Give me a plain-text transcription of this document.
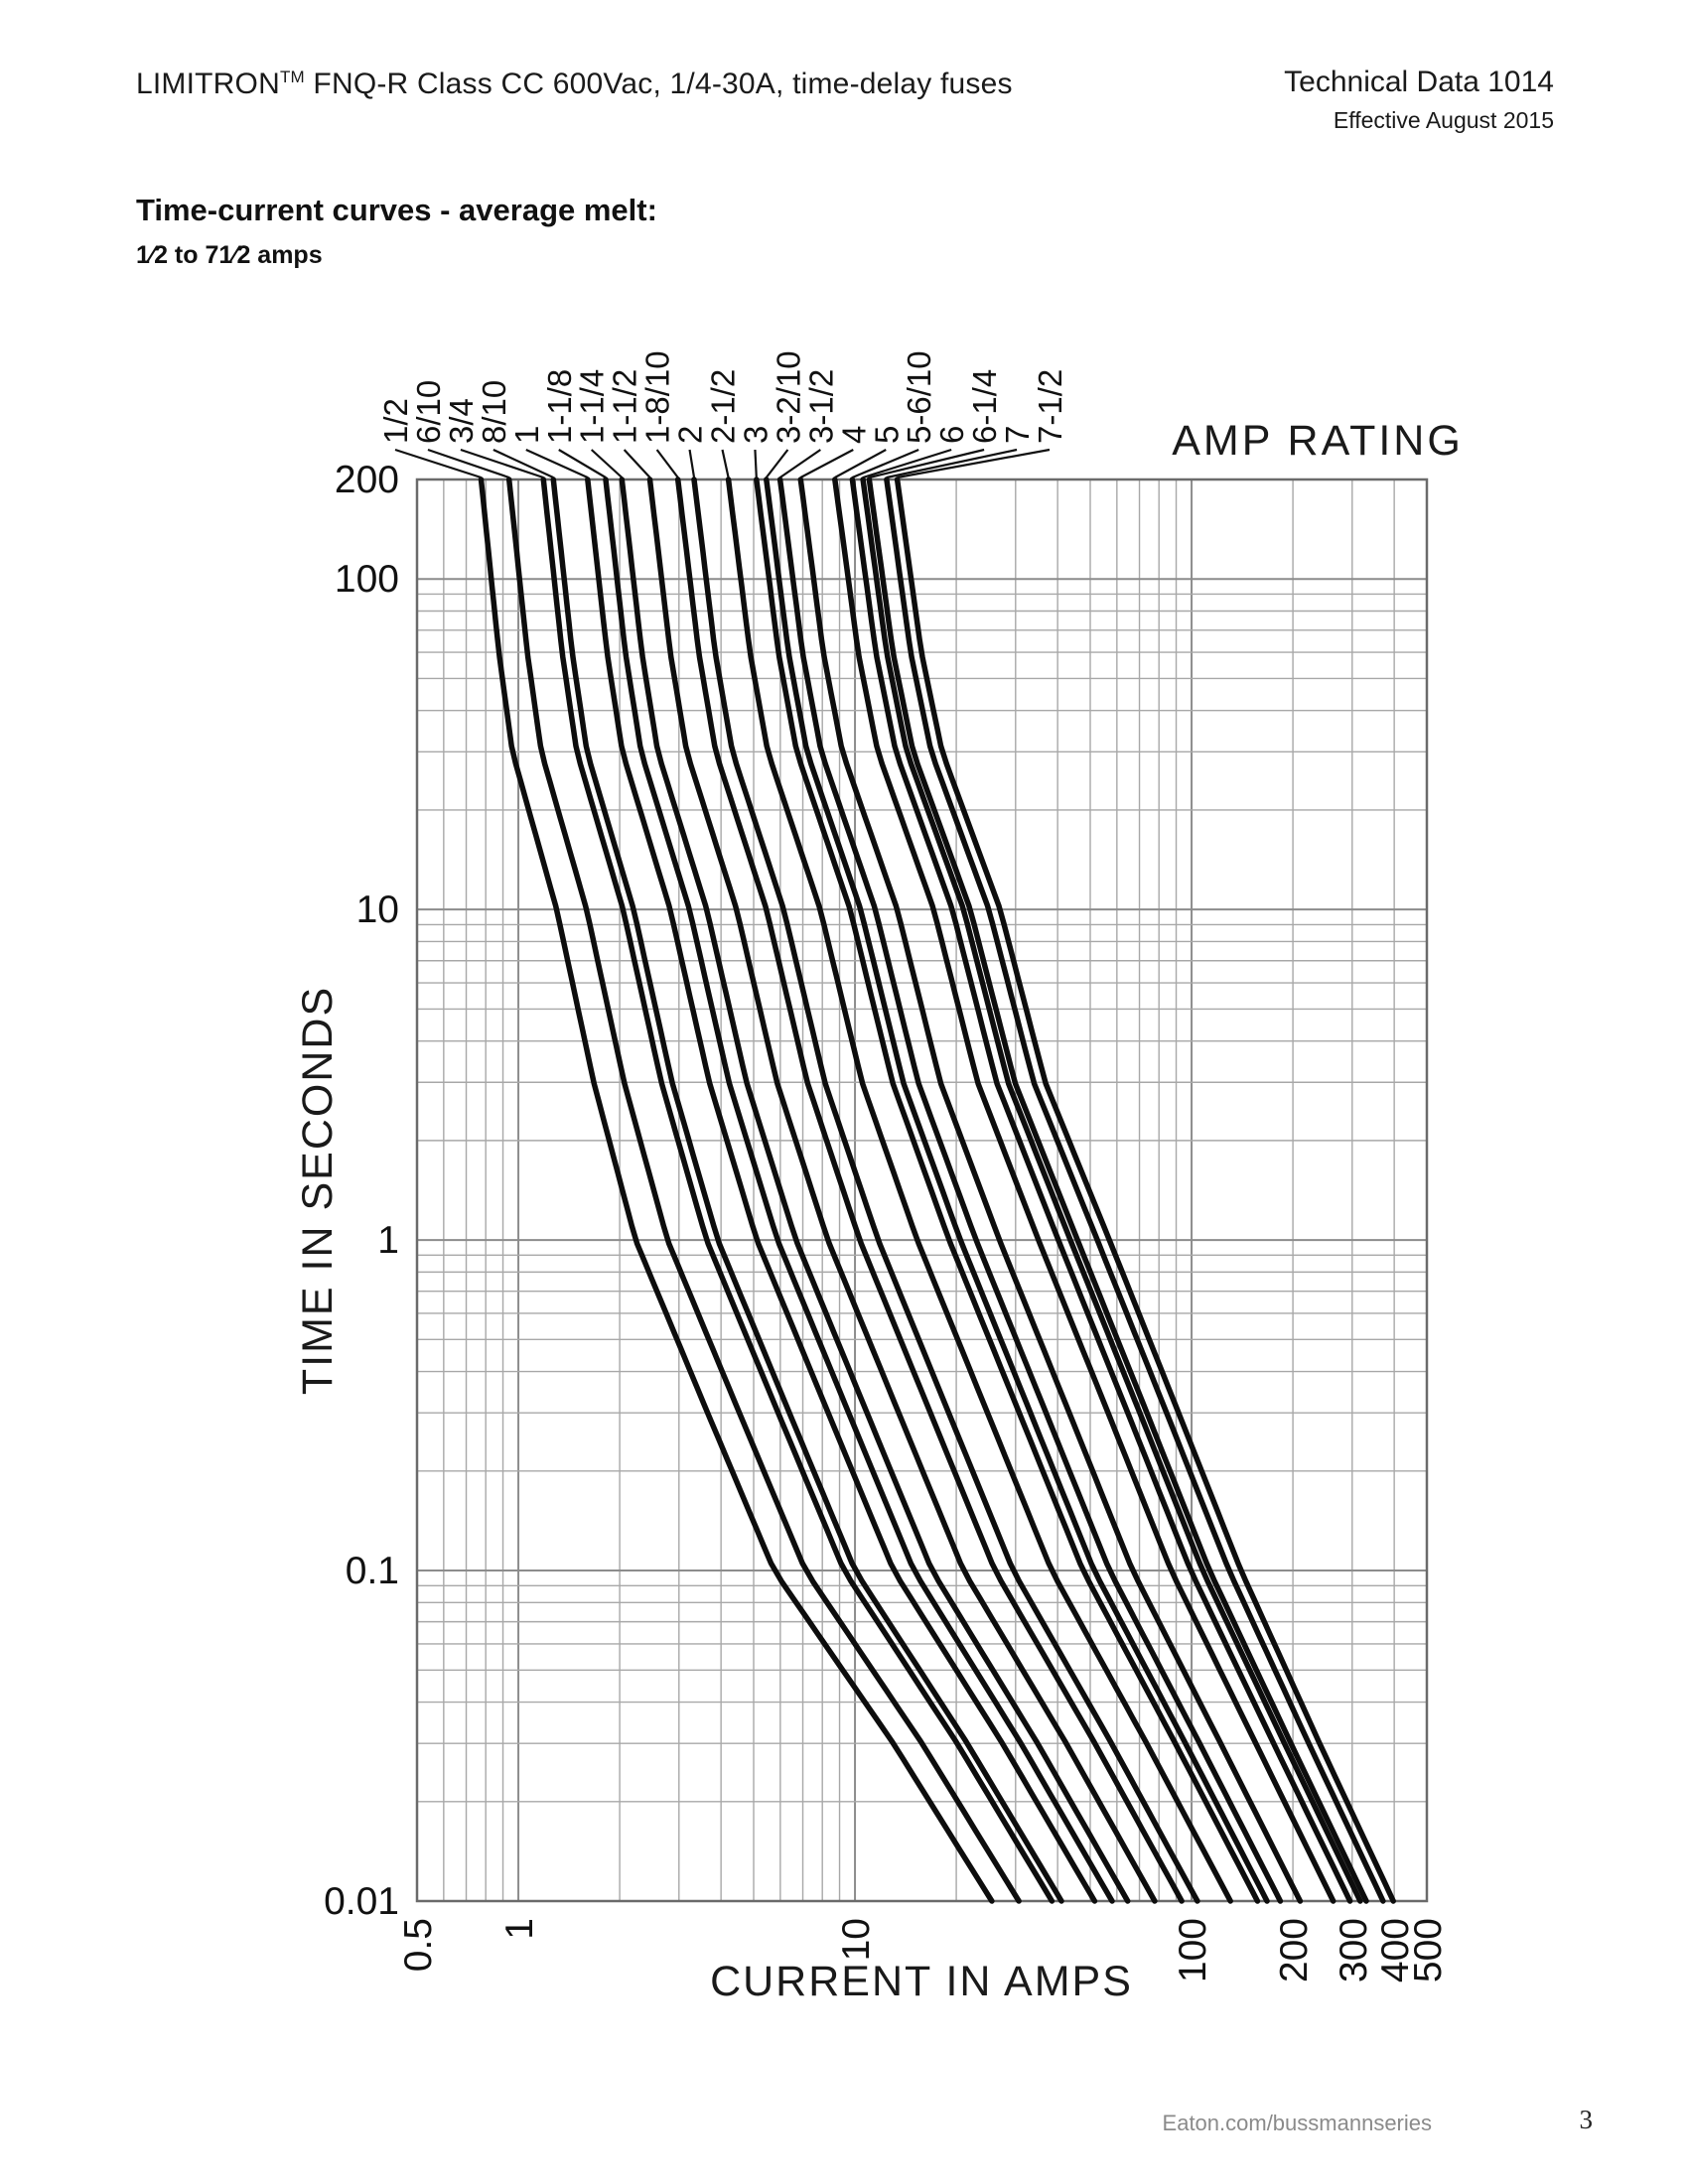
LIMITRON™ FNQ-R Class CC 600Vac, 1/4-30A, time-delay fuses	Technical Data 1014
Effective August 2015
Time-current curves - average melt:
1⁄2 to 71⁄2 amps
1/2
6/10
3/4
8/10
1
1-1/8
1-1/4
1-1/2
1-8/10
2
2-1/2
3
3-2/10
3-1/2
4
5
5-6/10
6
6-1/4
7
7-1/2
200
100
10
1
0.1
0.01
0.5 1	10	100 200 300 400
500
AMP RATING
TIME IN SECONDS
CURRENT IN AMPS
Eaton.com/bussmannseries	3
